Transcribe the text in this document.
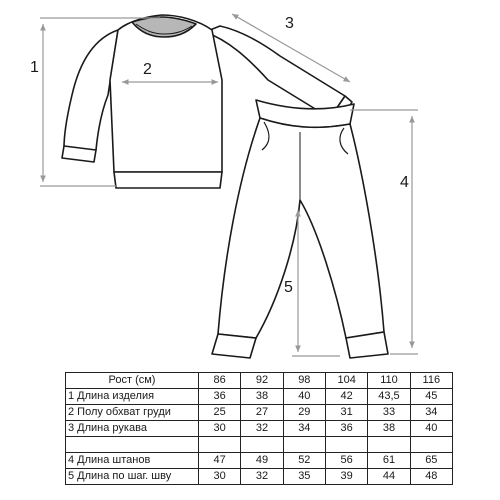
1	2
3
4
5
Рост (см)	86	92	98	104	110	116
1 Длина изделия	36	38	40	42	43,5	45
2 Полу обхват груди	25	27	29	31	33	34
3 Длина рукава	30	32	34	36	38	40

4 Длина штанов	47	49	52	56	61	65
5 Длина по шаг. шву	30	32	35	39	44	48
